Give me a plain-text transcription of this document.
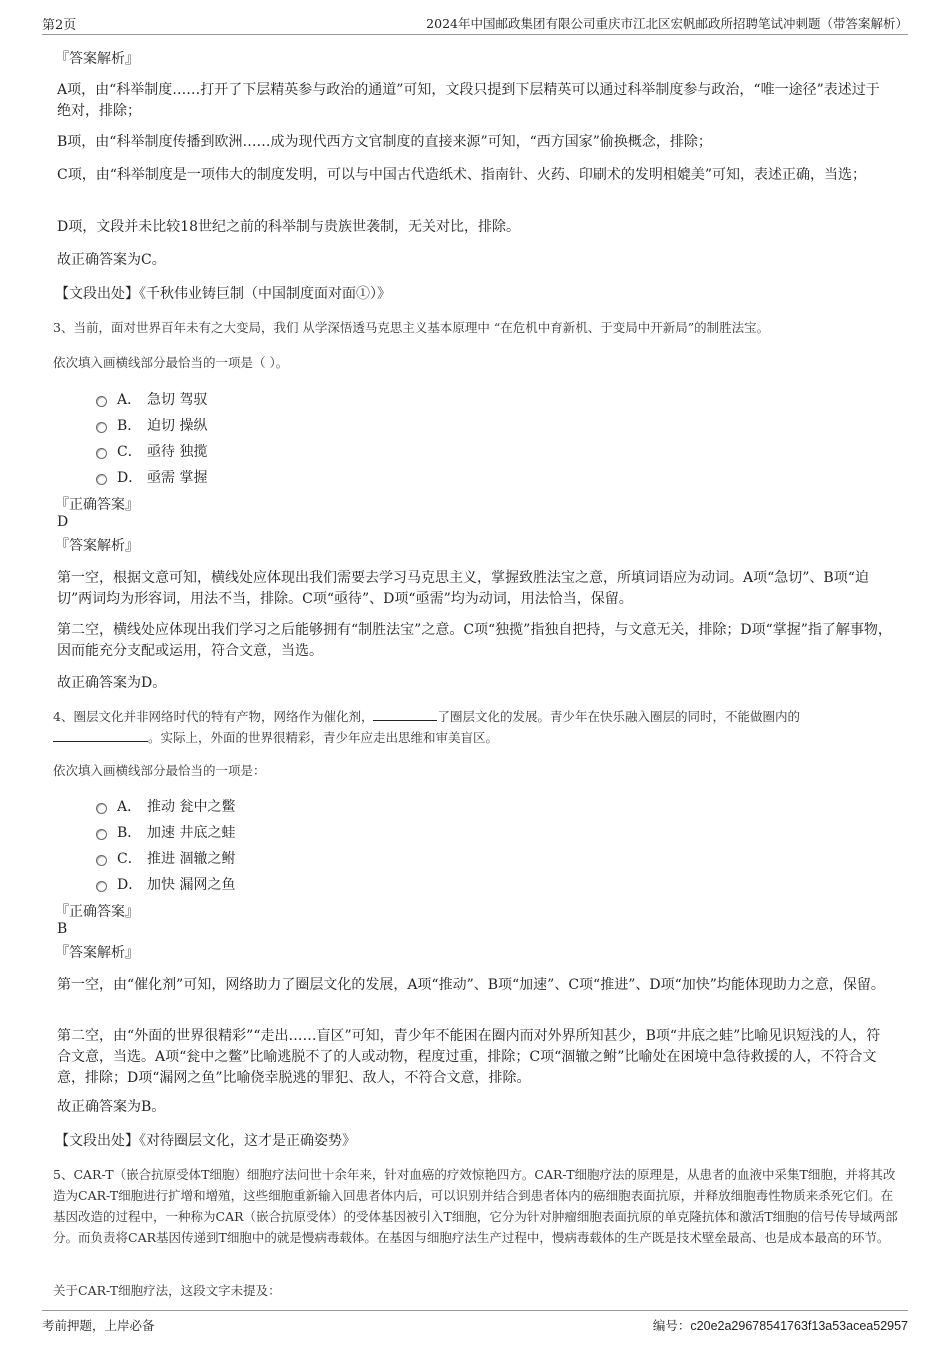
第2页	2024年中国邮政集团有限公司重庆市江北区宏帆邮政所招聘笔试冲刺题（带答案解析）
『答案解析』
A项，由“科举制度……打开了下层精英参与政治的通道”可知，文段只提到下层精英可以通过科举制度参与政治，“唯一途径”表述过于绝对，排除；
B项，由“科举制度传播到欧洲……成为现代西方文官制度的直接来源”可知，“西方国家”偷换概念，排除；
C项，由“科举制度是一项伟大的制度发明，可以与中国古代造纸术、指南针、火药、印刷术的发明相媲美”可知，表述正确，当选；
D项，文段并未比较18世纪之前的科举制与贵族世袭制，无关对比，排除。
故正确答案为C。
【文段出处】《千秋伟业铸巨制（中国制度面对面①）》
3、当前，面对世界百年未有之大变局，我们 从学深悟透马克思主义基本原理中 “在危机中育新机、于变局中开新局”的制胜法宝。
依次填入画横线部分最恰当的一项是（ ）。
A． 急切 驾驭
B． 迫切 操纵
C． 亟待 独揽
D． 亟需 掌握
『正确答案』
D
『答案解析』
第一空，根据文意可知，横线处应体现出我们需要去学习马克思主义，掌握致胜法宝之意，所填词语应为动词。A项“急切”、B项“迫切”两词均为形容词，用法不当，排除。C项“亟待”、D项“亟需”均为动词，用法恰当，保留。
第二空，横线处应体现出我们学习之后能够拥有“制胜法宝”之意。C项“独揽”指独自把持，与文意无关，排除；D项“掌握”指了解事物，因而能充分支配或运用，符合文意，当选。
故正确答案为D。
4、圈层文化并非网络时代的特有产物，网络作为催化剂，	了圈层文化的发展。青少年在快乐融入圈层的同时，不能做圈内的
。实际上，外面的世界很精彩，青少年应走出思维和审美盲区。
依次填入画横线部分最恰当的一项是：
A． 推动 瓮中之鳖
B． 加速 井底之蛙
C． 推进 涸辙之鲋
D． 加快 漏网之鱼
『正确答案』
B
『答案解析』
第一空，由“催化剂”可知，网络助力了圈层文化的发展，A项“推动”、B项“加速”、C项“推进”、D项“加快”均能体现助力之意，保留。
第二空，由“外面的世界很精彩”“走出……盲区”可知，青少年不能困在圈内而对外界所知甚少，B项“井底之蛙”比喻见识短浅的人，符合文意，当选。A项“瓮中之鳖”比喻逃脱不了的人或动物，程度过重，排除；C项“涸辙之鲋”比喻处在困境中急待救援的人，不符合文意，排除；D项“漏网之鱼”比喻侥幸脱逃的罪犯、敌人，不符合文意，排除。
故正确答案为B。
【文段出处】《对待圈层文化，这才是正确姿势》
5、CAR-T（嵌合抗原受体T细胞）细胞疗法问世十余年来，针对血癌的疗效惊艳四方。CAR-T细胞疗法的原理是，从患者的血液中采集T细胞，并将其改造为CAR-T细胞进行扩增和增殖，这些细胞重新输入回患者体内后，可以识别并结合到患者体内的癌细胞表面抗原，并释放细胞毒性物质来杀死它们。在基因改造的过程中，一种称为CAR（嵌合抗原受体）的受体基因被引入T细胞，它分为针对肿瘤细胞表面抗原的单克隆抗体和激活T细胞的信号传导域两部分。而负责将CAR基因传递到T细胞中的就是慢病毒载体。在基因与细胞疗法生产过程中，慢病毒载体的生产既是技术壁垒最高、也是成本最高的环节。
关于CAR-T细胞疗法，这段文字未提及：
考前押题，上岸必备	编号：c20e2a29678541763f13a53acea52957
